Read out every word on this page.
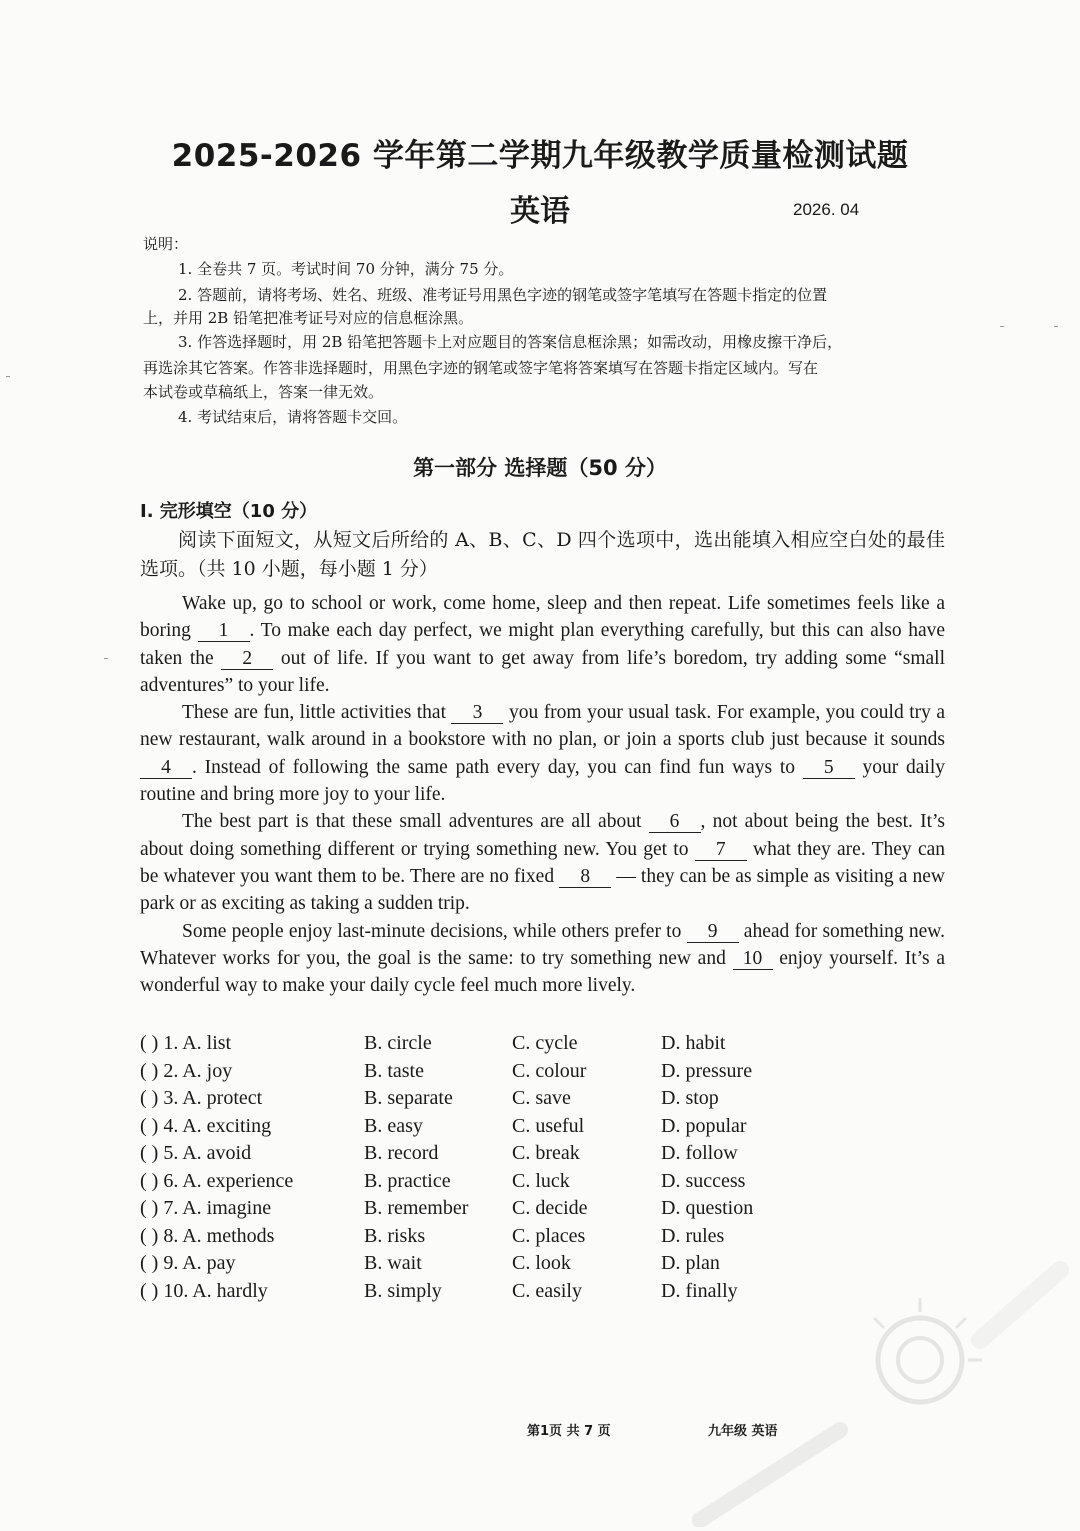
2025-2026 学年第二学期九年级教学质量检测试题
英语	2026. 04
说明：
1. 全卷共 7 页。考试时间 70 分钟，满分 75 分。
2. 答题前，请将考场、姓名、班级、准考证号用黑色字迹的钢笔或签字笔填写在答题卡指定的位置
上，并用 2B 铅笔把准考证号对应的信息框涂黑。
3. 作答选择题时，用 2B 铅笔把答题卡上对应题目的答案信息框涂黑；如需改动，用橡皮擦干净后，
再选涂其它答案。作答非选择题时，用黑色字迹的钢笔或签字笔将答案填写在答题卡指定区域内。写在
本试卷或草稿纸上，答案一律无效。
4. 考试结束后，请将答题卡交回。
第一部分 选择题（50 分）
I. 完形填空（10 分）
阅读下面短文，从短文后所给的 A、B、C、D 四个选项中，选出能填入相应空白处的最佳选项。（共 10 小题，每小题 1 分）

Wake up, go to school or work, come home, sleep and then repeat. Life sometimes feels like a boring 1 . To make each day perfect, we might plan everything carefully, but this can also have taken the 2 out of life. If you want to get away from life’s boredom, try adding some “small adventures” to your life.

These are fun, little activities that 3 you from your usual task. For example, you could try a new restaurant, walk around in a bookstore with no plan, or join a sports club just because it sounds 4 . Instead of following the same path every day, you can find fun ways to 5 your daily routine and bring more joy to your life.

The best part is that these small adventures are all about 6 , not about being the best. It’s about doing something different or trying something new. You get to 7 what they are. They can be whatever you want them to be. There are no fixed 8 — they can be as simple as visiting a new park or as exciting as taking a sudden trip.

Some people enjoy last-minute decisions, while others prefer to 9 ahead for something new. Whatever works for you, the goal is the same: to try something new and 10 enjoy yourself. It’s a wonderful way to make your daily cycle feel much more lively.

( ) 1. A. list	B. circle	C. cycle	D. habit
( ) 2. A. joy	B. taste	C. colour	D. pressure
( ) 3. A. protect	B. separate	C. save	D. stop
( ) 4. A. exciting	B. easy	C. useful	D. popular
( ) 5. A. avoid	B. record	C. break	D. follow
( ) 6. A. experience	B. practice	C. luck	D. success
( ) 7. A. imagine	B. remember C. decide	D. question
( ) 8. A. methods	B. risks	C. places	D. rules
( ) 9. A. pay	B. wait	C. look	D. plan
( ) 10. A. hardly	B. simply	C. easily	D. finally
第1页 共 7 页	九年级 英语
